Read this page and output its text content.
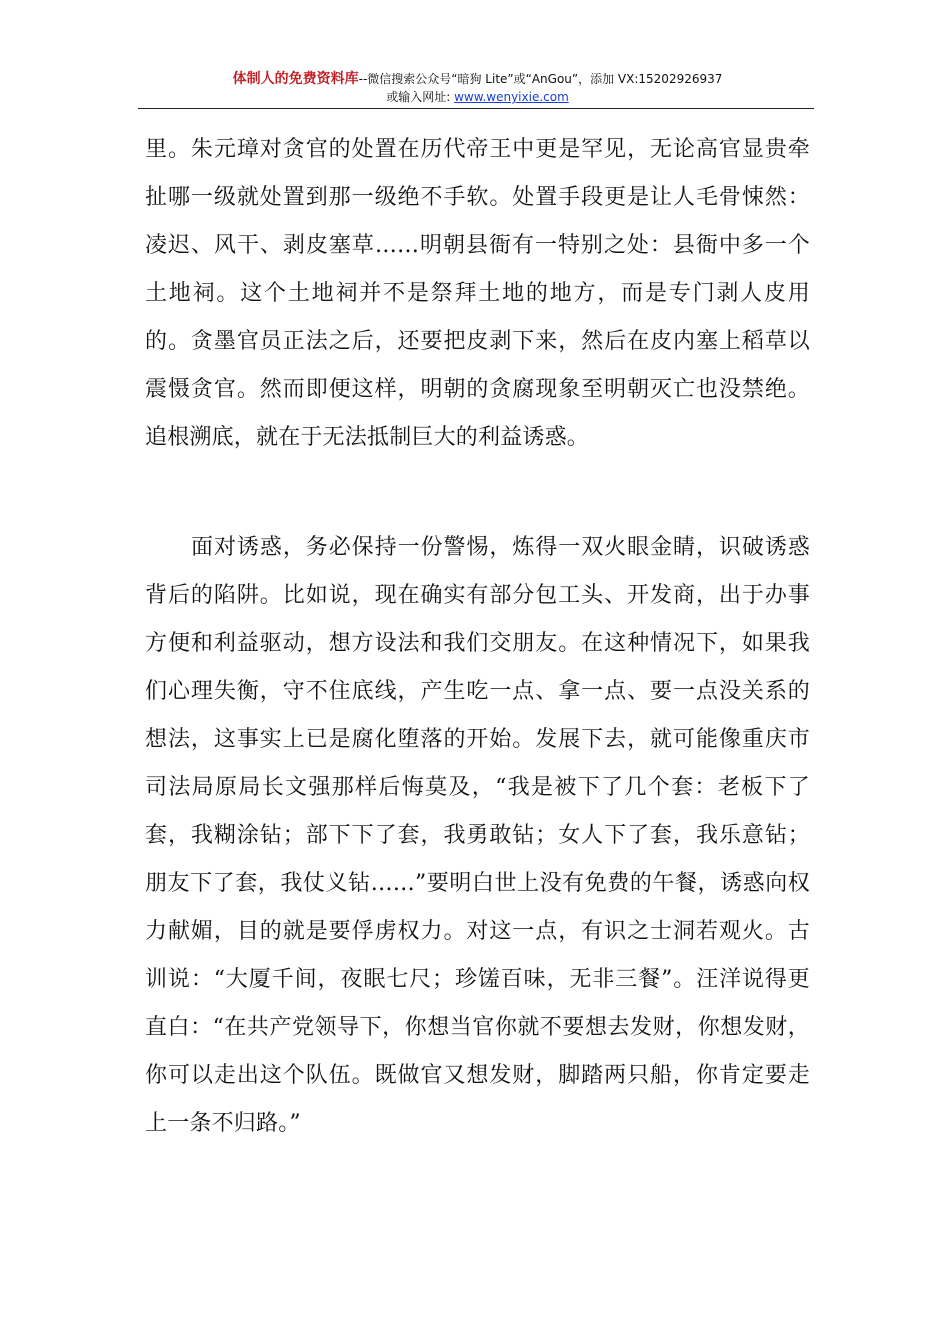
体制人的免费资料库--微信搜索公众号“暗狗 Lite”或“AnGou”，添加 VX:15202926937
或输入网址: www.wenyixie.com

里。朱元璋对贪官的处置在历代帝王中更是罕见，无论高官显贵牵扯哪一级就处置到那一级绝不手软。处置手段更是让人毛骨悚然：凌迟、风干、剥皮塞草……明朝县衙有一特别之处：县衙中多一个土地祠。这个土地祠并不是祭拜土地的地方，而是专门剥人皮用的。贪墨官员正法之后，还要把皮剥下来，然后在皮内塞上稻草以震慑贪官。然而即便这样，明朝的贪腐现象至明朝灭亡也没禁绝。追根溯底，就在于无法抵制巨大的利益诱惑。

面对诱惑，务必保持一份警惕，炼得一双火眼金睛，识破诱惑背后的陷阱。比如说，现在确实有部分包工头、开发商，出于办事方便和利益驱动，想方设法和我们交朋友。在这种情况下，如果我们心理失衡，守不住底线，产生吃一点、拿一点、要一点没关系的想法，这事实上已是腐化堕落的开始。发展下去，就可能像重庆市司法局原局长文强那样后悔莫及，“我是被下了几个套：老板下了套，我糊涂钻；部下下了套，我勇敢钻；女人下了套，我乐意钻；朋友下了套，我仗义钻……”要明白世上没有免费的午餐，诱惑向权力献媚，目的就是要俘虏权力。对这一点，有识之士洞若观火。古训说：“大厦千间，夜眠七尺；珍馐百味，无非三餐”。汪洋说得更直白：“在共产党领导下，你想当官你就不要想去发财，你想发财，你可以走出这个队伍。既做官又想发财，脚踏两只船，你肯定要走上一条不归路。”
